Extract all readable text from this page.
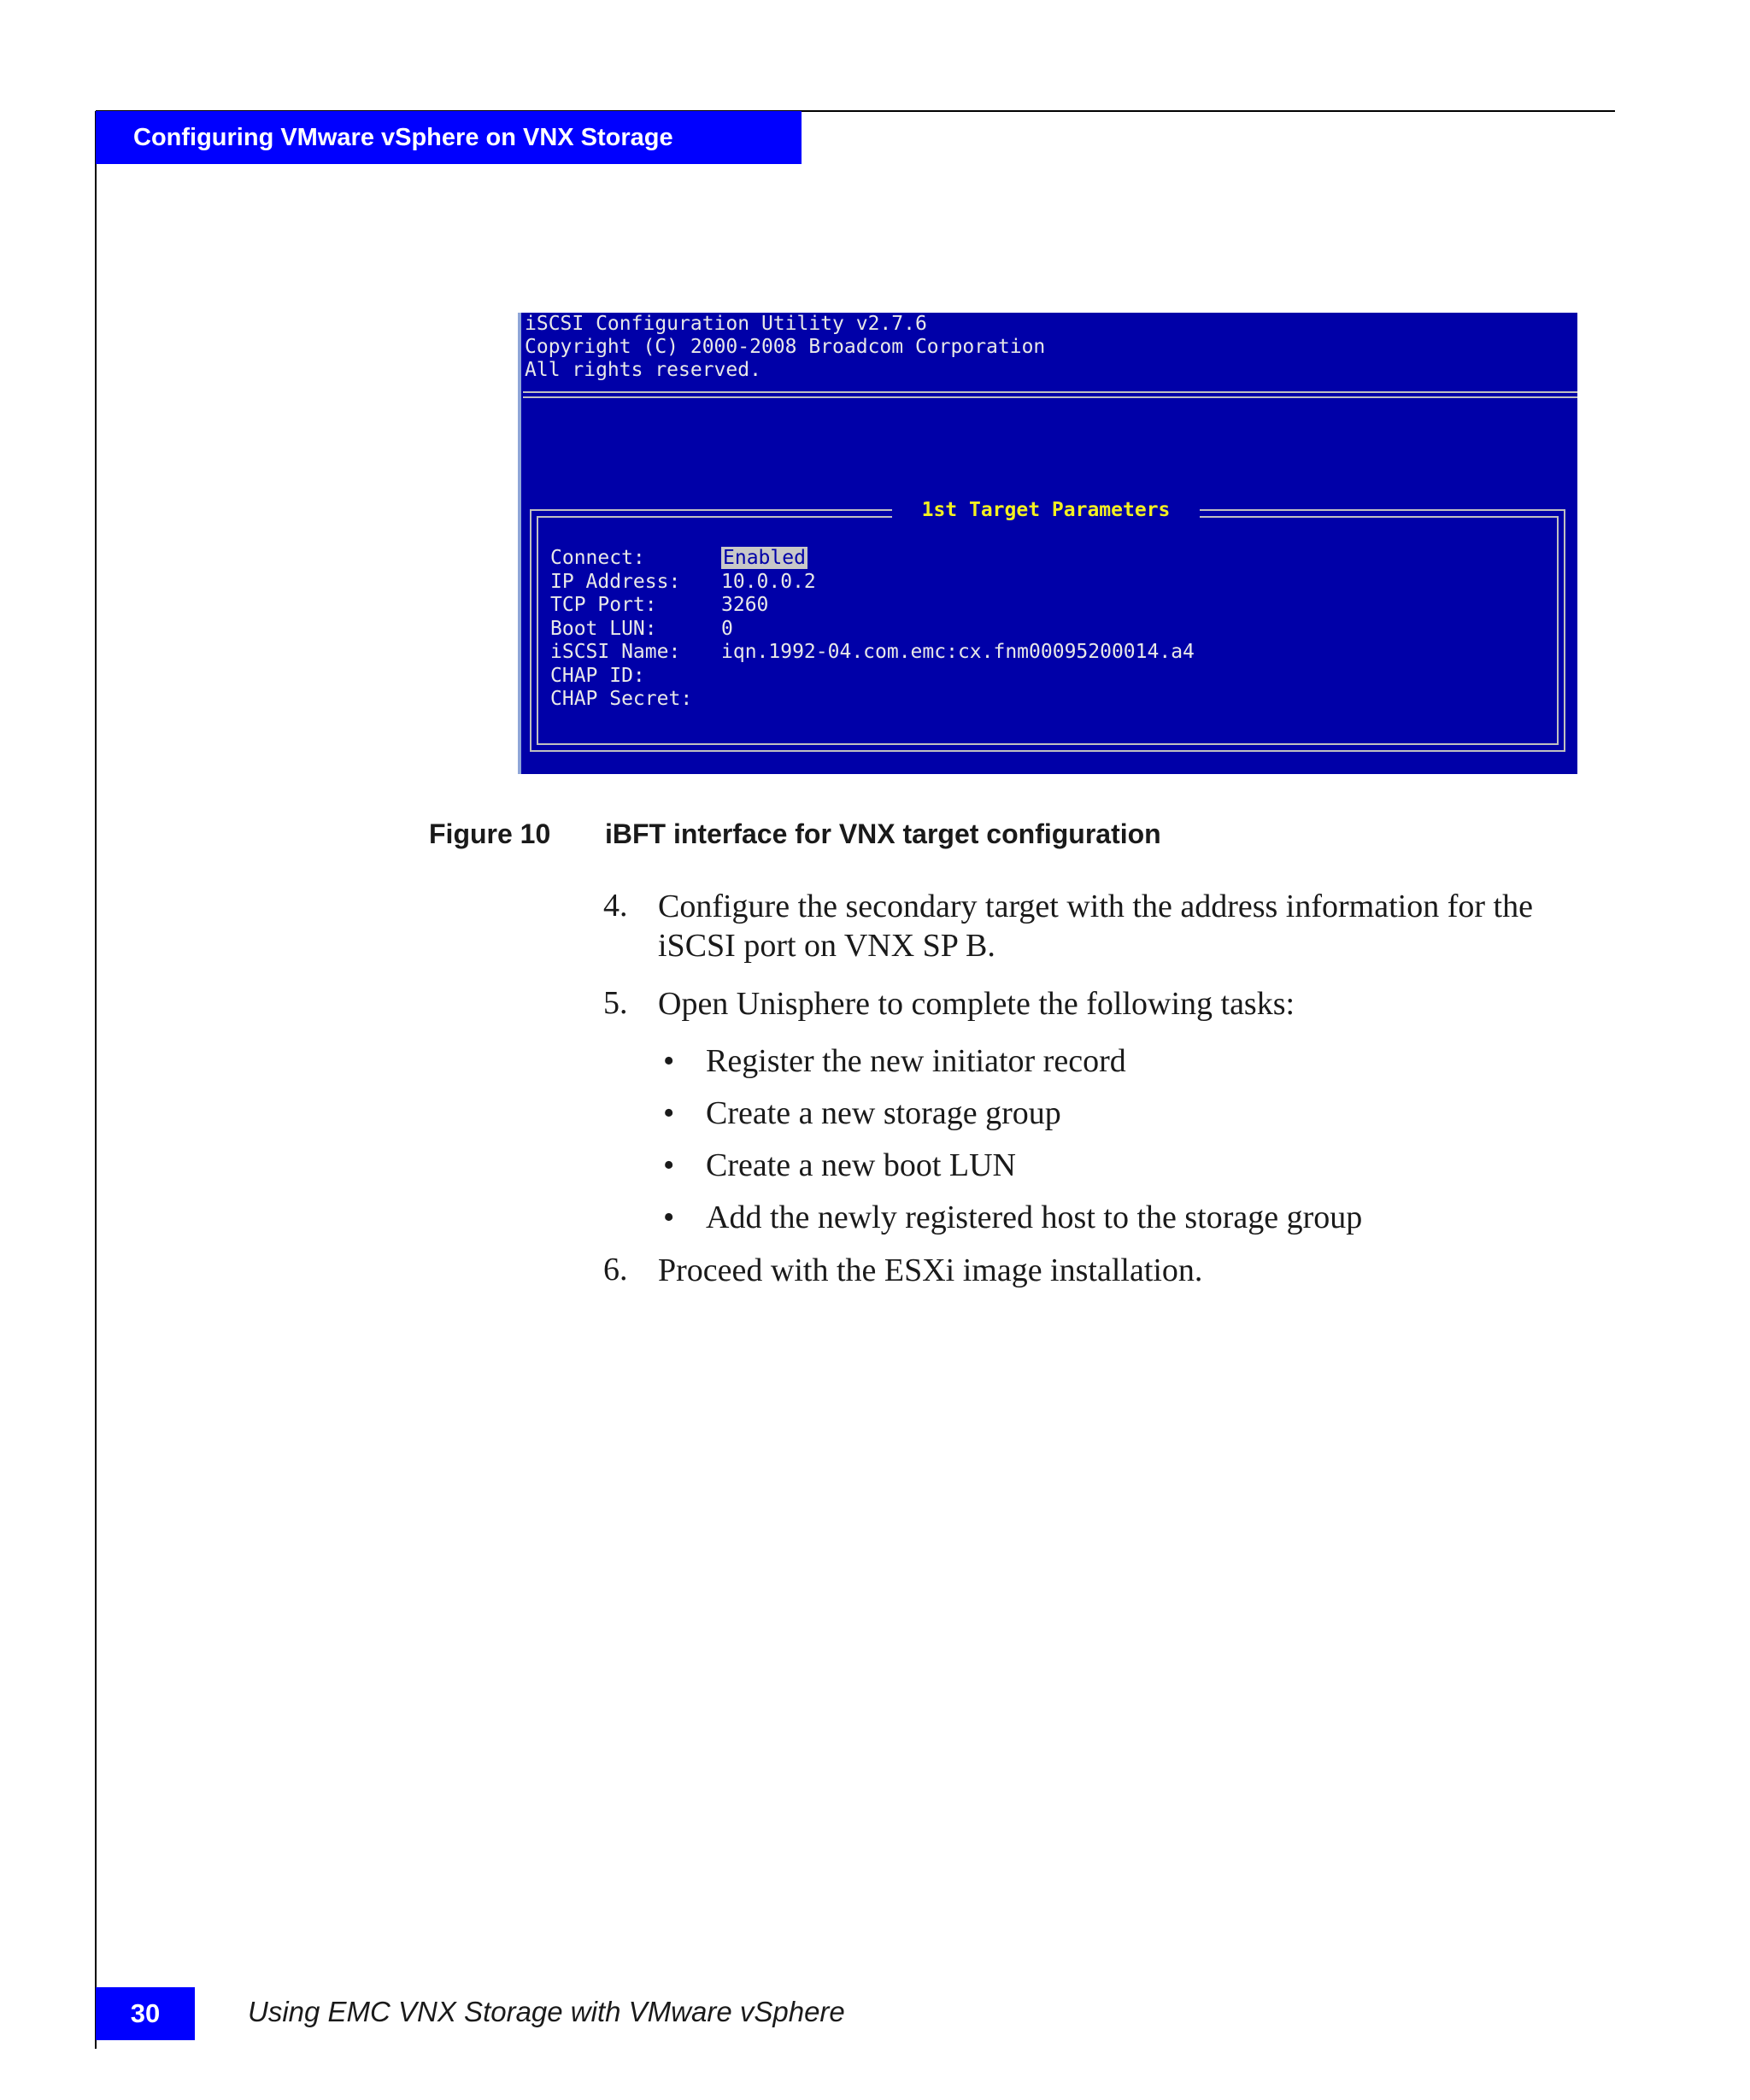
Configuring VMware vSphere on VNX Storage
iSCSI Configuration Utility v2.7.6
Copyright (C) 2000-2008 Broadcom Corporation
All rights reserved.
1st Target Parameters
Connect:	Enabled
IP Address: 10.0.0.2
TCP Port:	3260
Boot LUN:	0
iSCSI Name: iqn.1992-04.com.emc:cx.fnm00095200014.a4
CHAP ID:
CHAP Secret:
Figure 10 iBFT interface for VNX target configuration
4. Configure the secondary target with the address information for the iSCSI port on VNX SP B.
5. Open Unisphere to complete the following tasks:
• Register the new initiator record
• Create a new storage group
• Create a new boot LUN
• Add the newly registered host to the storage group
6. Proceed with the ESXi image installation.
30	Using EMC VNX Storage with VMware vSphere
